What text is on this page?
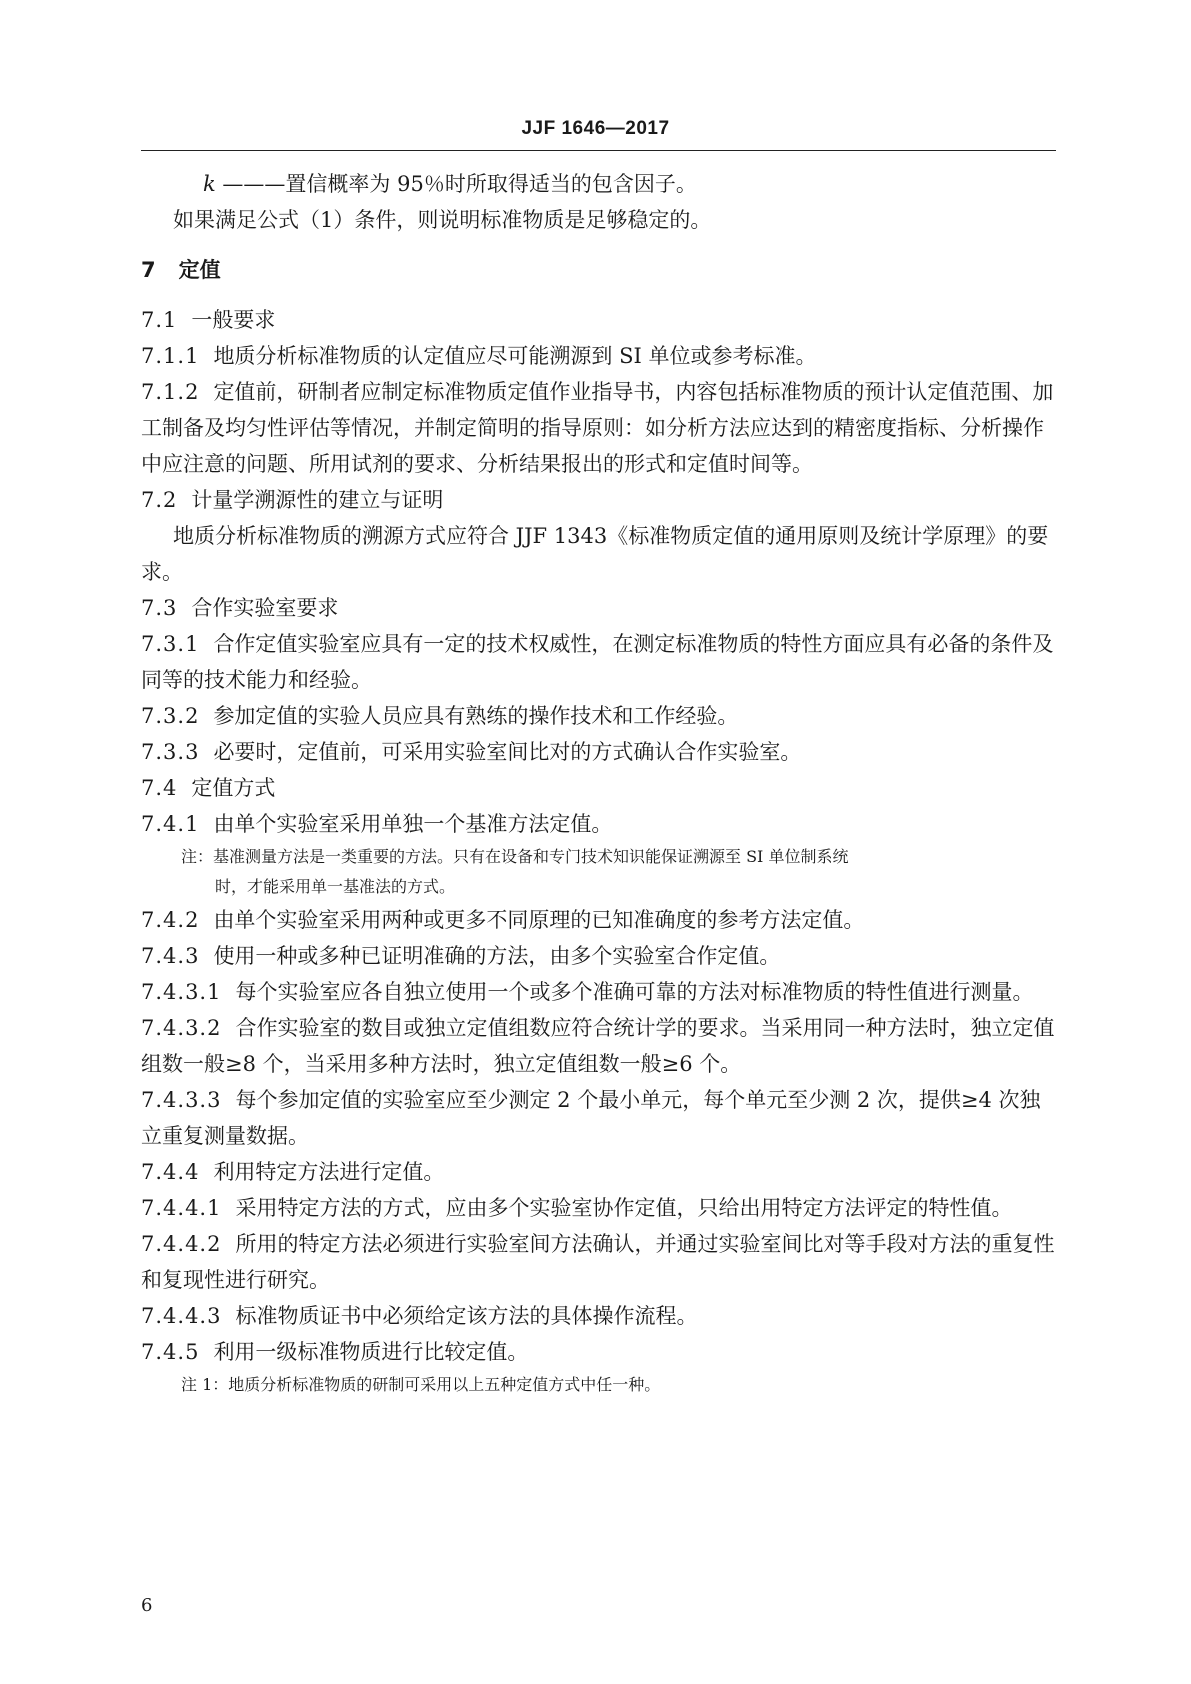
JJF 1646—2017

k ———置信概率为 95％时所取得适当的包含因子。

如果满足公式（1）条件，则说明标准物质是足够稳定的。

7 定值

7.1 一般要求

7.1.1 地质分析标准物质的认定值应尽可能溯源到 SI 单位或参考标准。

7.1.2 定值前，研制者应制定标准物质定值作业指导书，内容包括标准物质的预计认定值范围、加工制备及均匀性评估等情况，并制定简明的指导原则：如分析方法应达到的精密度指标、分析操作中应注意的问题、所用试剂的要求、分析结果报出的形式和定值时间等。

7.2 计量学溯源性的建立与证明

地质分析标准物质的溯源方式应符合 JJF 1343《标准物质定值的通用原则及统计学原理》的要求。

7.3 合作实验室要求

7.3.1 合作定值实验室应具有一定的技术权威性，在测定标准物质的特性方面应具有必备的条件及同等的技术能力和经验。

7.3.2 参加定值的实验人员应具有熟练的操作技术和工作经验。

7.3.3 必要时，定值前，可采用实验室间比对的方式确认合作实验室。

7.4 定值方式

7.4.1 由单个实验室采用单独一个基准方法定值。

注：基准测量方法是一类重要的方法。只有在设备和专门技术知识能保证溯源至 SI 单位制系统
时，才能采用单一基准法的方式。

7.4.2 由单个实验室采用两种或更多不同原理的已知准确度的参考方法定值。

7.4.3 使用一种或多种已证明准确的方法，由多个实验室合作定值。

7.4.3.1 每个实验室应各自独立使用一个或多个准确可靠的方法对标准物质的特性值进行测量。

7.4.3.2 合作实验室的数目或独立定值组数应符合统计学的要求。当采用同一种方法时，独立定值组数一般≥8 个，当采用多种方法时，独立定值组数一般≥6 个。

7.4.3.3 每个参加定值的实验室应至少测定 2 个最小单元，每个单元至少测 2 次，提供≥4 次独立重复测量数据。

7.4.4 利用特定方法进行定值。

7.4.4.1 采用特定方法的方式，应由多个实验室协作定值，只给出用特定方法评定的特性值。

7.4.4.2 所用的特定方法必须进行实验室间方法确认，并通过实验室间比对等手段对方法的重复性和复现性进行研究。

7.4.4.3 标准物质证书中必须给定该方法的具体操作流程。

7.4.5 利用一级标准物质进行比较定值。

注 1：地质分析标准物质的研制可采用以上五种定值方式中任一种。

6
